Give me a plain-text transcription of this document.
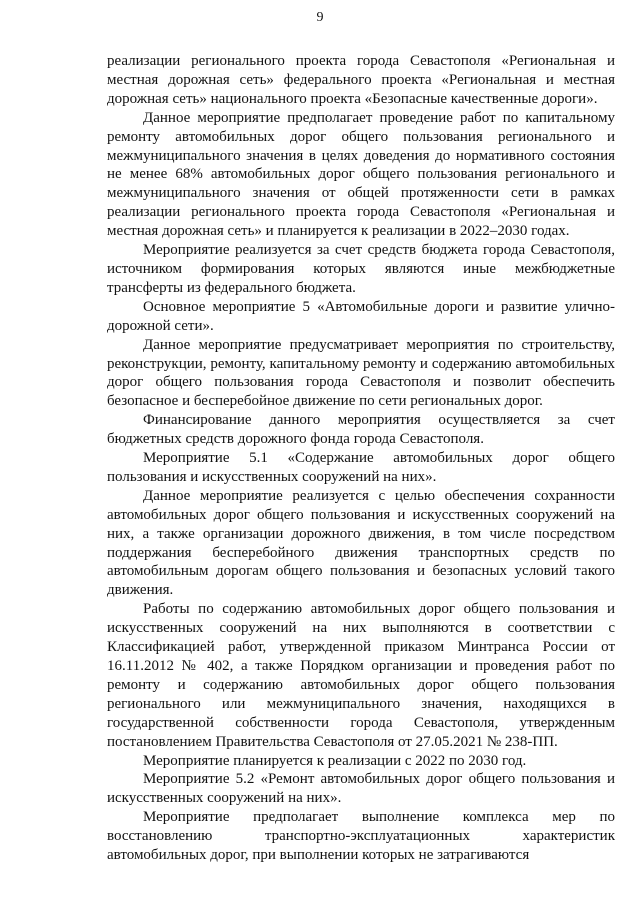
9

реализации регионального проекта города Севастополя «Региональная и местная дорожная сеть» федерального проекта «Региональная и местная дорожная сеть» национального проекта «Безопасные качественные дороги».

Данное мероприятие предполагает проведение работ по капитальному ремонту автомобильных дорог общего пользования регионального и межмуниципального значения в целях доведения до нормативного состояния не менее 68% автомобильных дорог общего пользования регионального и межмуниципального значения от общей протяженности сети в рамках реализации регионального проекта города Севастополя «Региональная и местная дорожная сеть» и планируется к реализации в 2022–2030 годах.

Мероприятие реализуется за счет средств бюджета города Севастополя, источником формирования которых являются иные межбюджетные трансферты из федерального бюджета.

Основное мероприятие 5 «Автомобильные дороги и развитие улично-дорожной сети».

Данное мероприятие предусматривает мероприятия по строительству, реконструкции, ремонту, капитальному ремонту и содержанию автомобильных дорог общего пользования города Севастополя и позволит обеспечить безопасное и бесперебойное движение по сети региональных дорог.

Финансирование данного мероприятия осуществляется за счет бюджетных средств дорожного фонда города Севастополя.

Мероприятие 5.1 «Содержание автомобильных дорог общего пользования и искусственных сооружений на них».

Данное мероприятие реализуется с целью обеспечения сохранности автомобильных дорог общего пользования и искусственных сооружений на них, а также организации дорожного движения, в том числе посредством поддержания бесперебойного движения транспортных средств по автомобильным дорогам общего пользования и безопасных условий такого движения.

Работы по содержанию автомобильных дорог общего пользования и искусственных сооружений на них выполняются в соответствии с Классификацией работ, утвержденной приказом Минтранса России от 16.11.2012 № 402, а также Порядком организации и проведения работ по ремонту и содержанию автомобильных дорог общего пользования регионального или межмуниципального значения, находящихся в государственной собственности города Севастополя, утвержденным постановлением Правительства Севастополя от 27.05.2021 № 238-ПП.

Мероприятие планируется к реализации с 2022 по 2030 год.

Мероприятие 5.2 «Ремонт автомобильных дорог общего пользования и искусственных сооружений на них».

Мероприятие предполагает выполнение комплекса мер по восстановлению транспортно-эксплуатационных характеристик автомобильных дорог, при выполнении которых не затрагиваются
